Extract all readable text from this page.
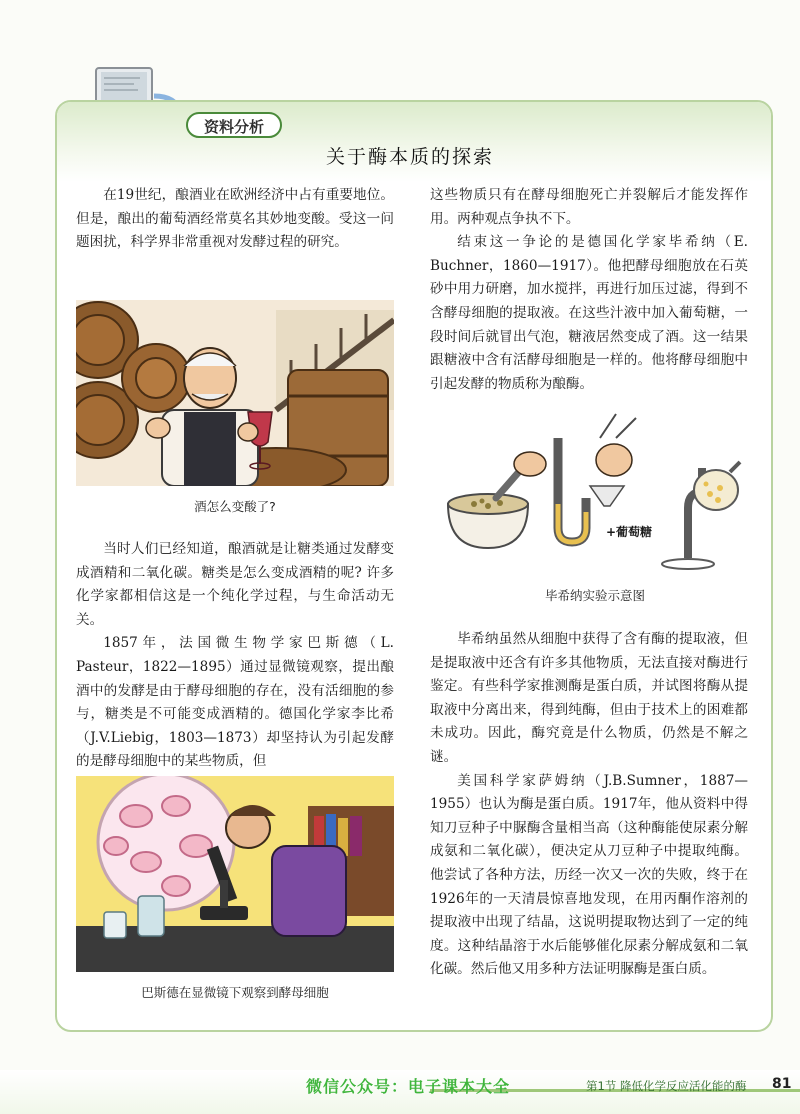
资料分析
关于酶本质的探索

在19世纪，酿酒业在欧洲经济中占有重要地位。但是，酿出的葡萄酒经常莫名其妙地变酸。受这一问题困扰，科学界非常重视对发酵过程的研究。

酒怎么变酸了?

当时人们已经知道，酿酒就是让糖类通过发酵变成酒精和二氧化碳。糖类是怎么变成酒精的呢? 许多化学家都相信这是一个纯化学过程，与生命活动无关。

1857年，法国微生物学家巴斯德（L. Pasteur，1822—1895）通过显微镜观察，提出酿酒中的发酵是由于酵母细胞的存在，没有活细胞的参与，糖类是不可能变成酒精的。德国化学家李比希（J.V.Liebig，1803—1873）却坚持认为引起发酵的是酵母细胞中的某些物质，但

巴斯德在显微镜下观察到酵母细胞

这些物质只有在酵母细胞死亡并裂解后才能发挥作用。两种观点争执不下。

结束这一争论的是德国化学家毕希纳（E. Buchner，1860—1917）。他把酵母细胞放在石英砂中用力研磨，加水搅拌，再进行加压过滤，得到不含酵母细胞的提取液。在这些汁液中加入葡萄糖，一段时间后就冒出气泡，糖液居然变成了酒。这一结果跟糖液中含有活酵母细胞是一样的。他将酵母细胞中引起发酵的物质称为酿酶。

+葡萄糖
毕希纳实验示意图

毕希纳虽然从细胞中获得了含有酶的提取液，但是提取液中还含有许多其他物质，无法直接对酶进行鉴定。有些科学家推测酶是蛋白质，并试图将酶从提取液中分离出来，得到纯酶，但由于技术上的困难都未成功。因此，酶究竟是什么物质，仍然是不解之谜。

美国科学家萨姆纳（J.B.Sumner，1887—1955）也认为酶是蛋白质。1917年，他从资料中得知刀豆种子中脲酶含量相当高（这种酶能使尿素分解成氨和二氧化碳），便决定从刀豆种子中提取纯酶。他尝试了各种方法，历经一次又一次的失败，终于在1926年的一天清晨惊喜地发现，在用丙酮作溶剂的提取液中出现了结晶，这说明提取物达到了一定的纯度。这种结晶溶于水后能够催化尿素分解成氨和二氧化碳。然后他又用多种方法证明脲酶是蛋白质。

微信公众号：电子课本大全	第1节 降低化学反应活化能的酶 81
